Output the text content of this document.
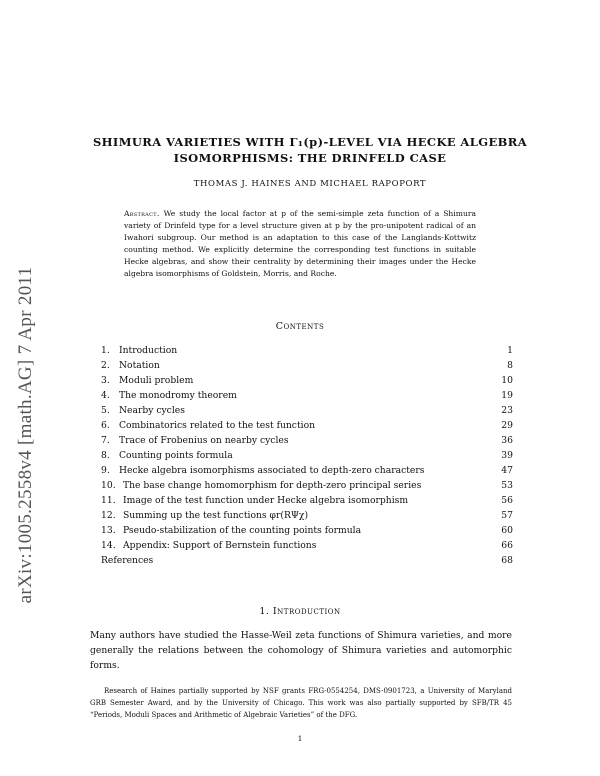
arXiv:1005.2558v4 [math.AG] 7 Apr 2011
SHIMURA VARIETIES WITH Γ₁(p)-LEVEL VIA HECKE ALGEBRA
ISOMORPHISMS: THE DRINFELD CASE
THOMAS J. HAINES AND MICHAEL RAPOPORT
Abstract. We study the local factor at p of the semi-simple zeta function of a Shimura variety of Drinfeld type for a level structure given at p by the pro-unipotent radical of an Iwahori subgroup. Our method is an adaptation to this case of the Langlands-Kottwitz counting method. We explicitly determine the corresponding test functions in suitable Hecke algebras, and show their centrality by determining their images under the Hecke algebra isomorphisms of Goldstein, Morris, and Roche.
Contents
1.	Introduction	1
2.	Notation	8
3.	Moduli problem	10
4.	The monodromy theorem	19
5.	Nearby cycles	23
6.	Combinatorics related to the test function	29
7.	Trace of Frobenius on nearby cycles	36
8.	Counting points formula	39
9.	Hecke algebra isomorphisms associated to depth-zero characters	47
10. The base change homomorphism for depth-zero principal series	53
11. Image of the test function under Hecke algebra isomorphism	56
12. Summing up the test functions φr(RΨχ)	57
13. Pseudo-stabilization of the counting points formula	60
14. Appendix: Support of Bernstein functions	66
References	68
1. Introduction
Many authors have studied the Hasse-Weil zeta functions of Shimura varieties, and more generally the relations between the cohomology of Shimura varieties and automorphic forms.

Research of Haines partially supported by NSF grants FRG-0554254, DMS-0901723, a University of Maryland GRB Semester Award, and by the University of Chicago. This work was also partially supported by SFB/TR 45 “Periods, Moduli Spaces and Arithmetic of Algebraic Varieties” of the DFG.

1
